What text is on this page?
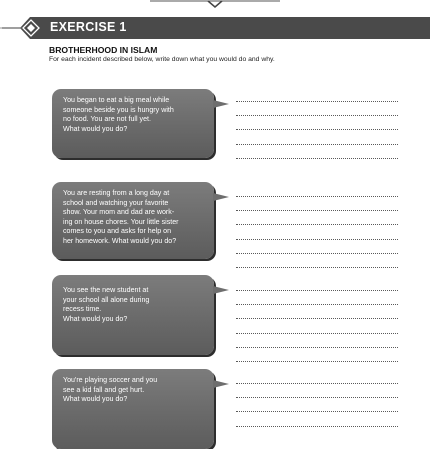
EXERCISE 1
BROTHERHOOD IN ISLAM
For each incident described below, write down what you would do and why.
You began to eat a big meal while
someone beside you is hungry with
no food. You are not full yet.
What would you do?
You are resting from a long day at
school and watching your favorite
show. Your mom and dad are work-
ing on house chores. Your little sister
comes to you and asks for help on
her homework. What would you do?
You see the new student at
your school all alone during
recess time.
What would you do?
You're playing soccer and you
see a kid fall and get hurt.
What would you do?
